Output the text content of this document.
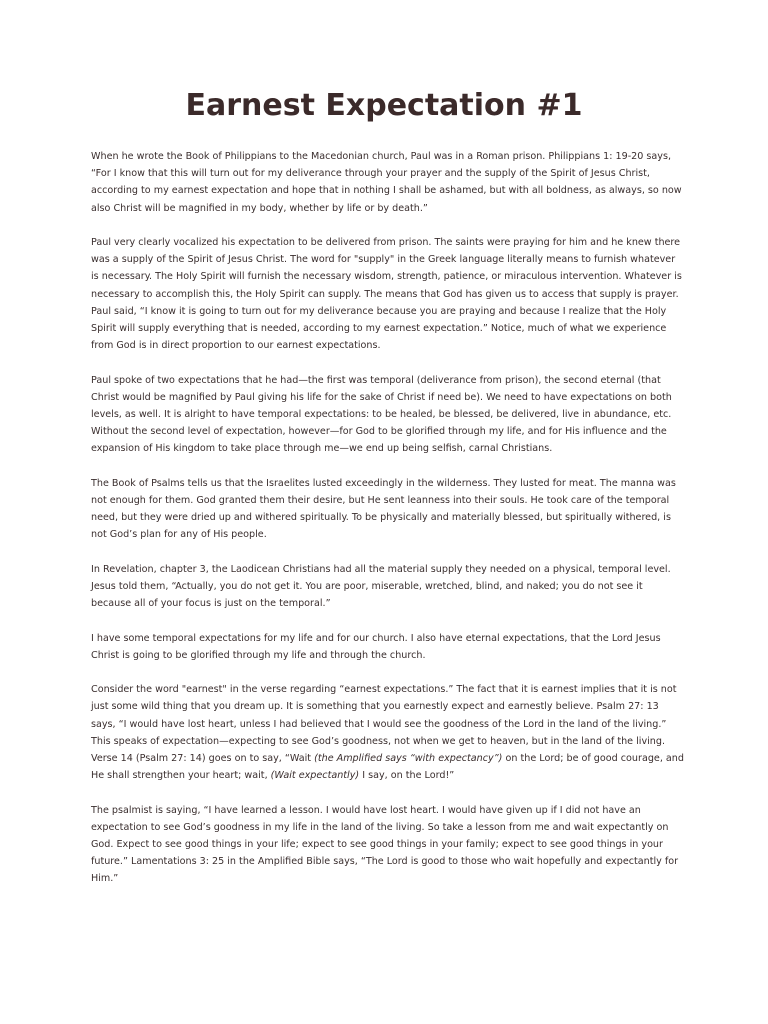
Earnest Expectation #1

When he wrote the Book of Philippians to the Macedonian church, Paul was in a Roman prison. Philippians 1: 19-20 says,
“For I know that this will turn out for my deliverance through your prayer and the supply of the Spirit of Jesus Christ,
according to my earnest expectation and hope that in nothing I shall be ashamed, but with all boldness, as always, so now
also Christ will be magnified in my body, whether by life or by death.”

Paul very clearly vocalized his expectation to be delivered from prison. The saints were praying for him and he knew there
was a supply of the Spirit of Jesus Christ. The word for "supply" in the Greek language literally means to furnish whatever
is necessary. The Holy Spirit will furnish the necessary wisdom, strength, patience, or miraculous intervention. Whatever is
necessary to accomplish this, the Holy Spirit can supply. The means that God has given us to access that supply is prayer.
Paul said, “I know it is going to turn out for my deliverance because you are praying and because I realize that the Holy
Spirit will supply everything that is needed, according to my earnest expectation.” Notice, much of what we experience
from God is in direct proportion to our earnest expectations.

Paul spoke of two expectations that he had—the first was temporal (deliverance from prison), the second eternal (that
Christ would be magnified by Paul giving his life for the sake of Christ if need be). We need to have expectations on both
levels, as well. It is alright to have temporal expectations: to be healed, be blessed, be delivered, live in abundance, etc.
Without the second level of expectation, however—for God to be glorified through my life, and for His influence and the
expansion of His kingdom to take place through me—we end up being selfish, carnal Christians.

The Book of Psalms tells us that the Israelites lusted exceedingly in the wilderness. They lusted for meat. The manna was
not enough for them. God granted them their desire, but He sent leanness into their souls. He took care of the temporal
need, but they were dried up and withered spiritually. To be physically and materially blessed, but spiritually withered, is
not God’s plan for any of His people.

In Revelation, chapter 3, the Laodicean Christians had all the material supply they needed on a physical, temporal level.
Jesus told them, “Actually, you do not get it. You are poor, miserable, wretched, blind, and naked; you do not see it
because all of your focus is just on the temporal.”

I have some temporal expectations for my life and for our church. I also have eternal expectations, that the Lord Jesus
Christ is going to be glorified through my life and through the church.

Consider the word "earnest" in the verse regarding “earnest expectations.” The fact that it is earnest implies that it is not
just some wild thing that you dream up. It is something that you earnestly expect and earnestly believe. Psalm 27: 13
says, “I would have lost heart, unless I had believed that I would see the goodness of the Lord in the land of the living.”
This speaks of expectation—expecting to see God’s goodness, not when we get to heaven, but in the land of the living.
Verse 14 (Psalm 27: 14) goes on to say, “Wait (the Amplified says “with expectancy”) on the Lord; be of good courage, and
He shall strengthen your heart; wait, (Wait expectantly) I say, on the Lord!”

The psalmist is saying, “I have learned a lesson. I would have lost heart. I would have given up if I did not have an
expectation to see God’s goodness in my life in the land of the living. So take a lesson from me and wait expectantly on
God. Expect to see good things in your life; expect to see good things in your family; expect to see good things in your
future.” Lamentations 3: 25 in the Amplified Bible says, “The Lord is good to those who wait hopefully and expectantly for
Him.”
